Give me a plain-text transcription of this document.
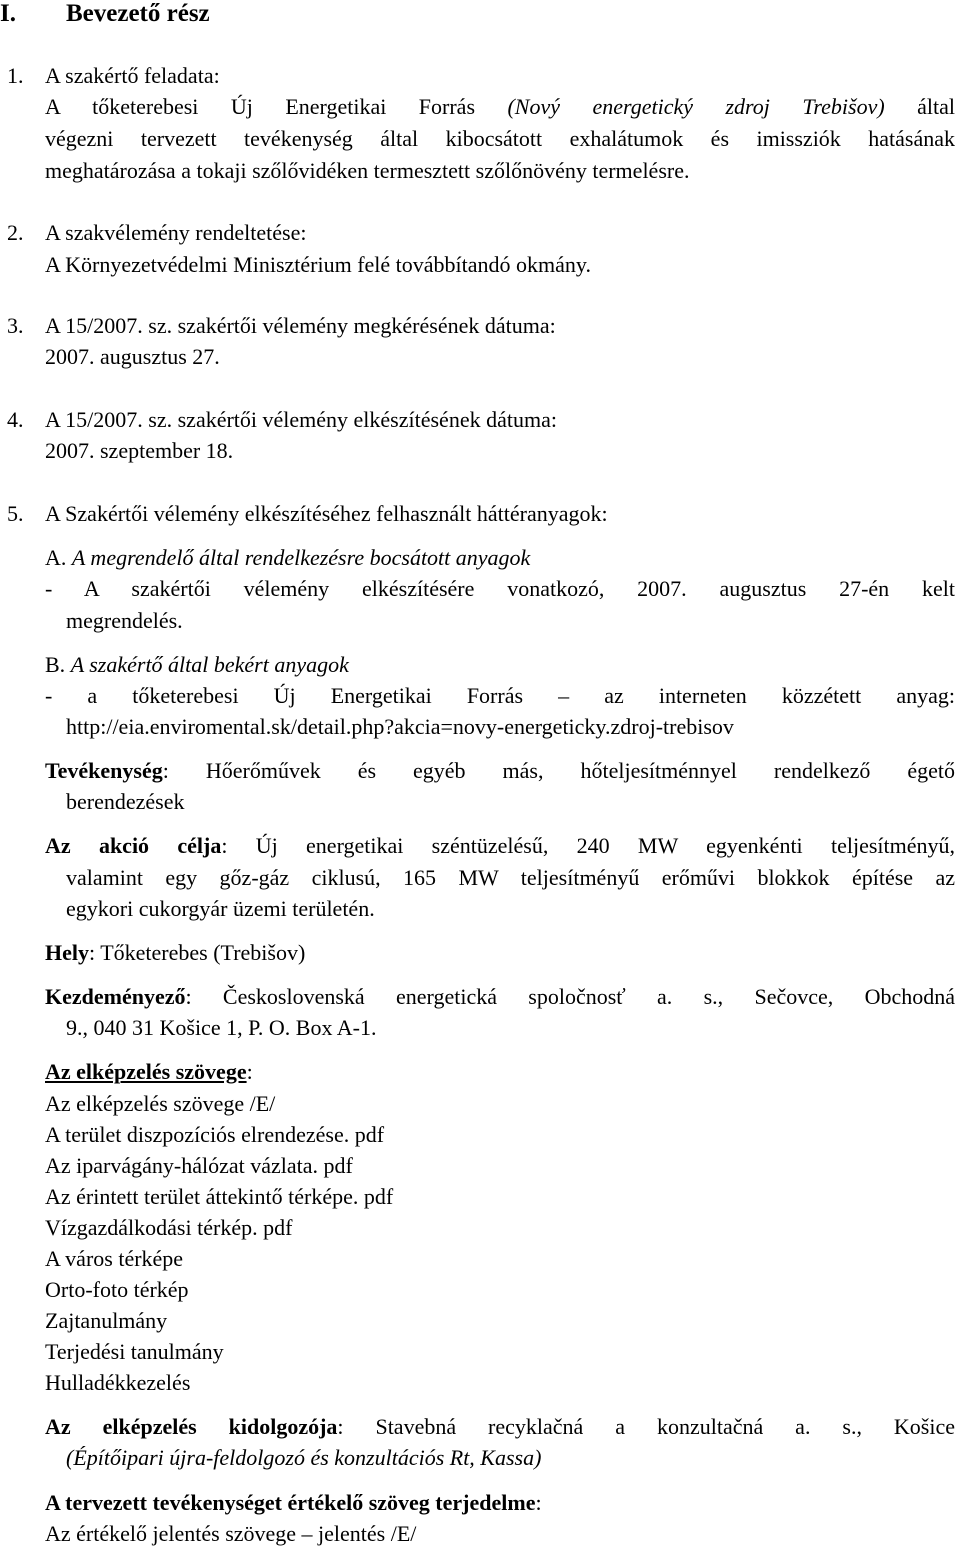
I. Bevezető rész
1. A szakértő feladata:
A tőketerebesi Új Energetikai Forrás (Nový energetický zdroj Trebišov) által
végezni tervezett tevékenység által kibocsátott exhalátumok és imissziók hatásának
meghatározása a tokaji szőlővidéken termesztett szőlőnövény termelésre.
2. A szakvélemény rendeltetése:
A Környezetvédelmi Minisztérium felé továbbítandó okmány.
3. A 15/2007. sz. szakértői vélemény megkérésének dátuma:
2007. augusztus 27.
4. A 15/2007. sz. szakértői vélemény elkészítésének dátuma:
2007. szeptember 18.
5. A Szakértői vélemény elkészítéséhez felhasznált háttéranyagok:
A. A megrendelő által rendelkezésre bocsátott anyagok
- A szakértői vélemény elkészítésére vonatkozó, 2007. augusztus 27-én kelt
megrendelés.
B. A szakértő által bekért anyagok
- a tőketerebesi Új Energetikai Forrás – az interneten közzétett anyag:
http://eia.enviromental.sk/detail.php?akcia=novy-energeticky.zdroj-trebisov
Tevékenység: Hőerőművek és egyéb más, hőteljesítménnyel rendelkező égető
berendezések
Az akció célja: Új energetikai széntüzelésű, 240 MW egyenkénti teljesítményű,
valamint egy gőz-gáz ciklusú, 165 MW teljesítményű erőművi blokkok építése az
egykori cukorgyár üzemi területén.
Hely: Tőketerebes (Trebišov)
Kezdeményező: Československá energetická spoločnosť a. s., Sečovce, Obchodná
9., 040 31 Košice 1, P. O. Box A-1.
Az elképzelés szövege:
Az elképzelés szövege /E/
A terület diszpozíciós elrendezése. pdf
Az iparvágány-hálózat vázlata. pdf
Az érintett terület áttekintő térképe. pdf
Vízgazdálkodási térkép. pdf
A város térképe
Orto-foto térkép
Zajtanulmány
Terjedési tanulmány
Hulladékkezelés
Az elképzelés kidolgozója: Stavebná recyklačná a konzultačná a. s., Košice
(Építőipari újra-feldolgozó és konzultációs Rt, Kassa)
A tervezett tevékenységet értékelő szöveg terjedelme:
Az értékelő jelentés szövege – jelentés /E/
